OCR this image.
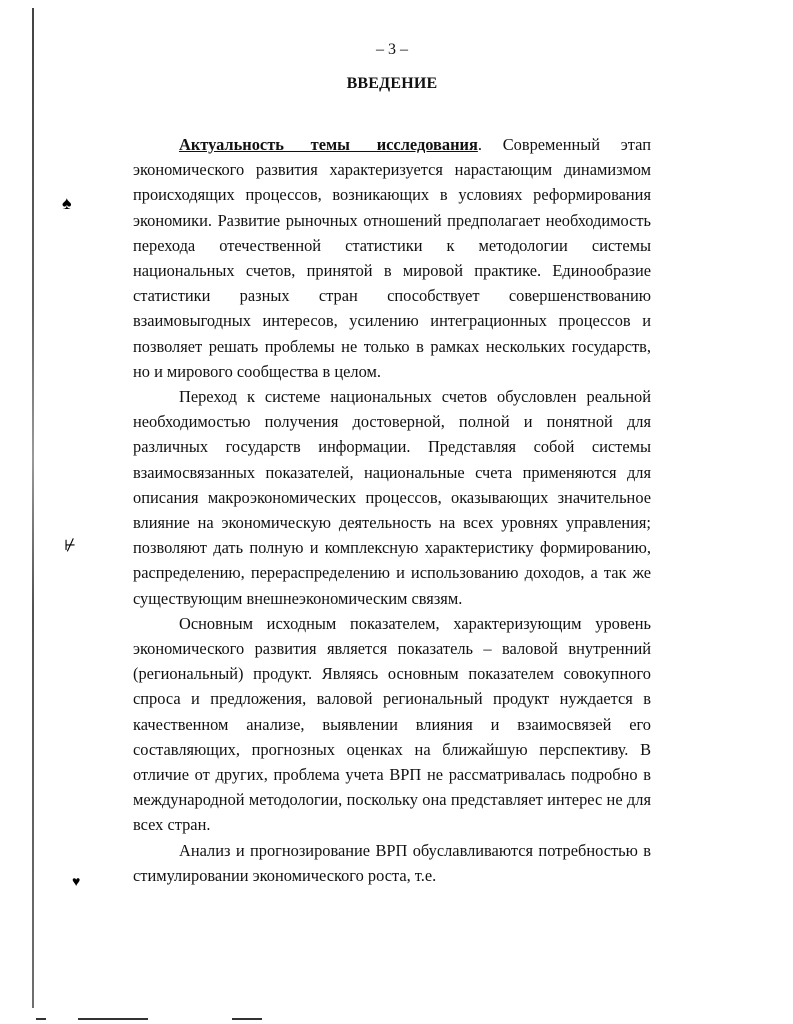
♠
⊬
♥
– 3 –
ВВЕДЕНИЕ

Актуальность темы исследования. Современный этап экономического развития характеризуется нарастающим динамизмом происходящих процессов, возникающих в условиях реформирования экономики. Развитие рыночных отношений предполагает необходимость перехода отечественной статистики к методологии системы национальных счетов, принятой в мировой практике. Единообразие статистики разных стран способствует совершенствованию взаимовыгодных интересов, усилению интеграционных процессов и позволяет решать проблемы не только в рамках нескольких государств, но и мирового сообщества в целом.

Переход к системе национальных счетов обусловлен реальной необходимостью получения достоверной, полной и понятной для различных государств информации. Представляя собой системы взаимосвязанных показателей, национальные счета применяются для описания макроэкономических процессов, оказывающих значительное влияние на экономическую деятельность на всех уровнях управления; позволяют дать полную и комплексную характеристику формированию, распределению, перераспределению и использованию доходов, а так же существующим внешнеэкономическим связям.

Основным исходным показателем, характеризующим уровень экономического развития является показатель – валовой внутренний (региональный) продукт. Являясь основным показателем совокупного спроса и предложения, валовой региональный продукт нуждается в качественном анализе, выявлении влияния и взаимосвязей его составляющих, прогнозных оценках на ближайшую перспективу. В отличие от других, проблема учета ВРП не рассматривалась подробно в международной методологии, поскольку она представляет интерес не для всех стран.

Анализ и прогнозирование ВРП обуславливаются потребностью в стимулировании экономического роста, т.е.
